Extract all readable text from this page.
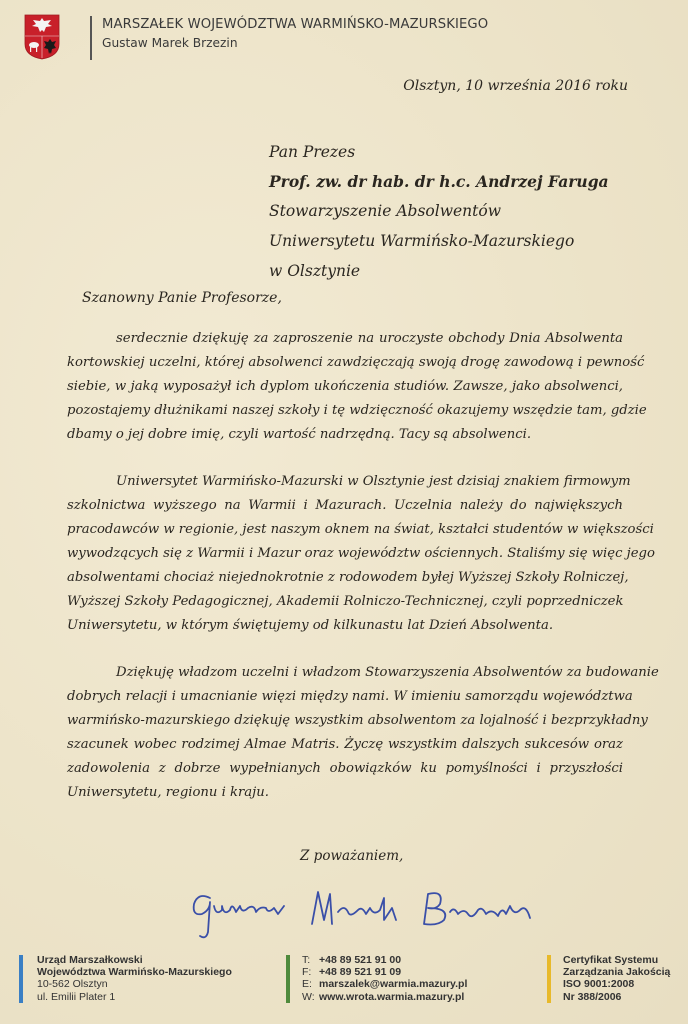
MARSZAŁEK WOJEWÓDZTWA WARMIŃSKO-MAZURSKIEGO
Gustaw Marek Brzezin
Olsztyn, 10 września 2016 roku
Pan Prezes
Prof. zw. dr hab. dr h.c. Andrzej Faruga
Stowarzyszenie Absolwentów
Uniwersytetu Warmińsko-Mazurskiego
w Olsztynie
Szanowny Panie Profesorze,
serdecznie dziękuję za zaproszenie na uroczyste obchody Dnia Absolwenta
kortowskiej uczelni, której absolwenci zawdzięczają swoją drogę zawodową i pewność
siebie, w jaką wyposażył ich dyplom ukończenia studiów. Zawsze, jako absolwenci,
pozostajemy dłużnikami naszej szkoły i tę wdzięczność okazujemy wszędzie tam, gdzie
dbamy o jej dobre imię, czyli wartość nadrzędną. Tacy są absolwenci.
Uniwersytet Warmińsko-Mazurski w Olsztynie jest dzisiaj znakiem firmowym
szkolnictwa wyższego na Warmii i Mazurach. Uczelnia należy do największych
pracodawców w regionie, jest naszym oknem na świat, kształci studentów w większości
wywodzących się z Warmii i Mazur oraz województw ościennych. Staliśmy się więc jego
absolwentami chociaż niejednokrotnie z rodowodem byłej Wyższej Szkoły Rolniczej,
Wyższej Szkoły Pedagogicznej, Akademii Rolniczo-Technicznej, czyli poprzedniczek
Uniwersytetu, w którym świętujemy od kilkunastu lat Dzień Absolwenta.
Dziękuję władzom uczelni i władzom Stowarzyszenia Absolwentów za budowanie
dobrych relacji i umacnianie więzi między nami. W imieniu samorządu województwa
warmińsko-mazurskiego dziękuję wszystkim absolwentom za lojalność i bezprzykładny
szacunek wobec rodzimej Almae Matris. Życzę wszystkim dalszych sukcesów oraz
zadowolenia z dobrze wypełnianych obowiązków ku pomyślności i przyszłości
Uniwersytetu, regionu i kraju.
Z poważaniem,
Urząd Marszałkowski
Województwa Warmińsko-Mazurskiego
10-562 Olsztyn
ul. Emilii Plater 1
T: +48 89 521 91 00
F: +48 89 521 91 09
E: marszalek@warmia.mazury.pl
W: www.wrota.warmia.mazury.pl
Certyfikat Systemu
Zarządzania Jakością
ISO 9001:2008
Nr 388/2006
